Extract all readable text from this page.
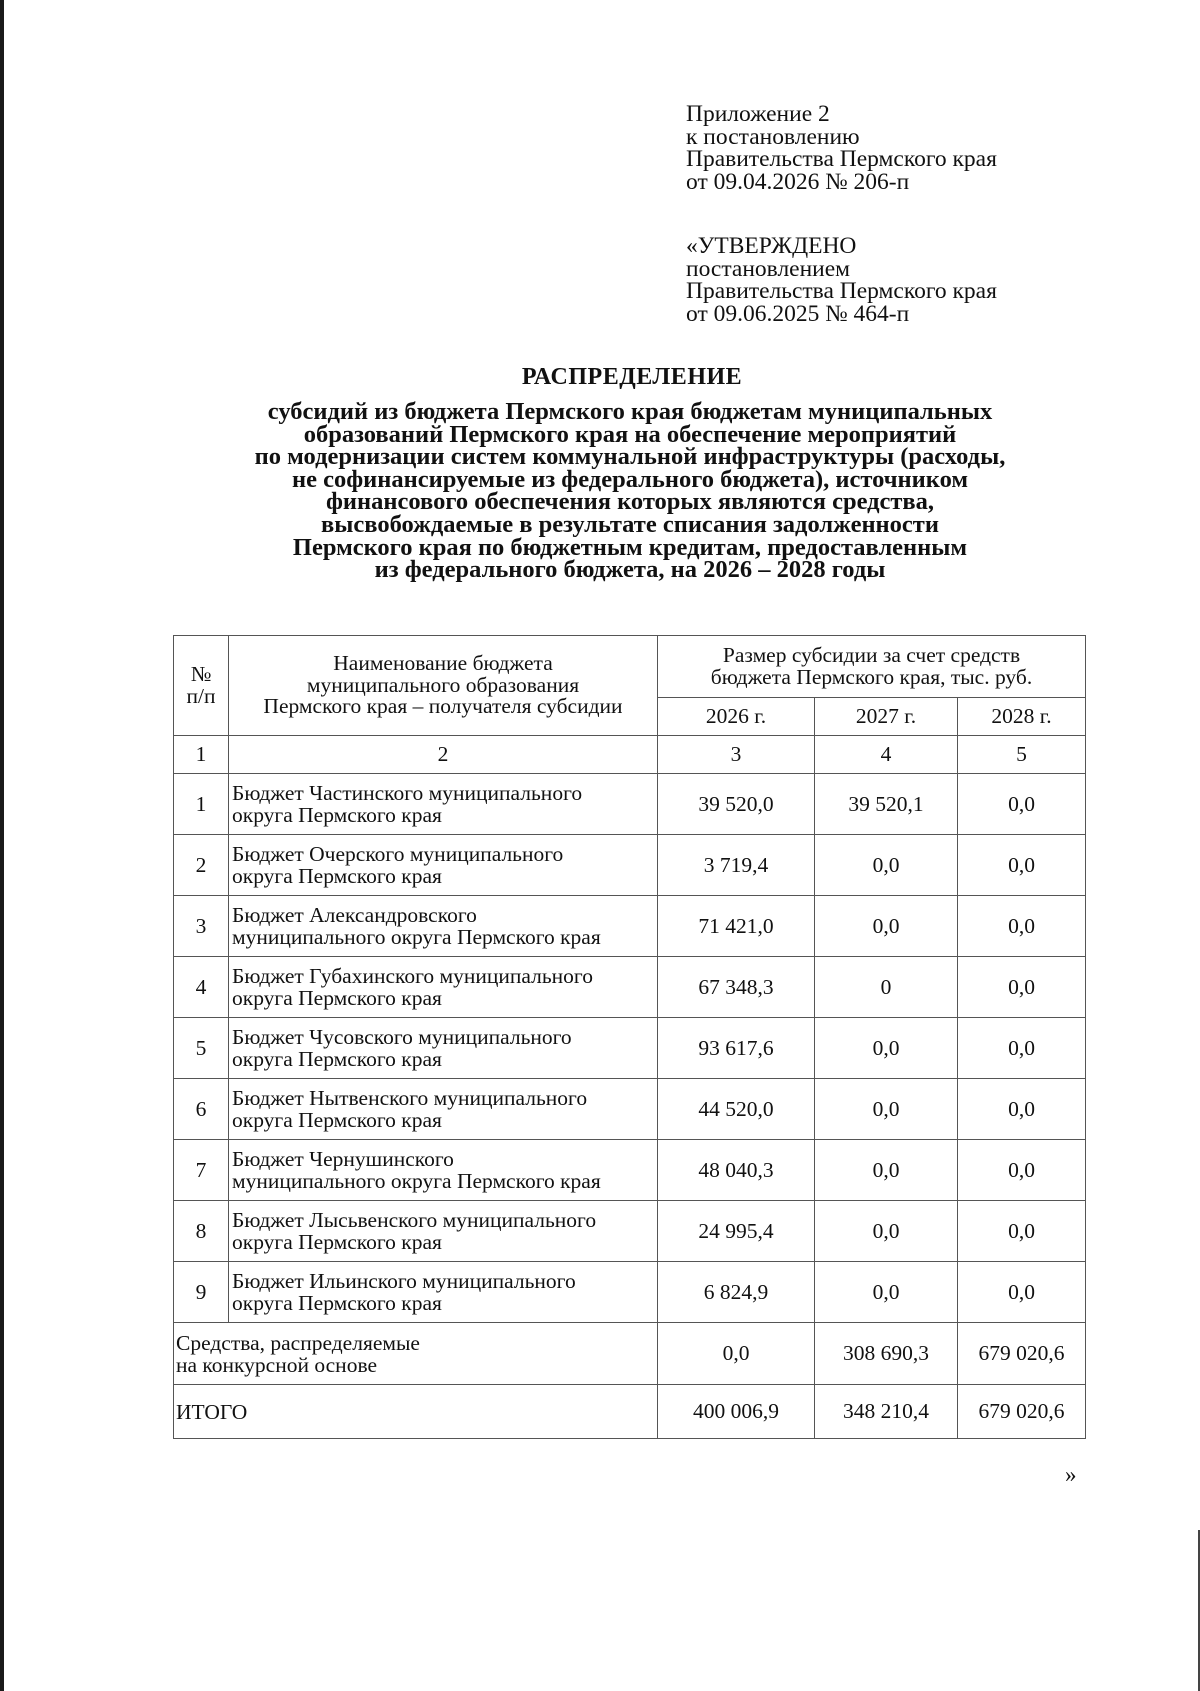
Приложение 2
к постановлению
Правительства Пермского края
от 09.04.2026 № 206-п
«УТВЕРЖДЕНО
постановлением
Правительства Пермского края
от 09.06.2025 № 464-п
РАСПРЕДЕЛЕНИЕ
субсидий из бюджета Пермского края бюджетам муниципальных
образований Пермского края на обеспечение мероприятий
по модернизации систем коммунальной инфраструктуры (расходы,
не софинансируемые из федерального бюджета), источником
финансового обеспечения которых являются средства,
высвобождаемые в результате списания задолженности
Пермского края по бюджетным кредитам, предоставленным
из федерального бюджета, на 2026 – 2028 годы
№
п/п

Наименование бюджета
муниципального образования
Пермского края – получателя субсидии

Размер субсидии за счет средств
бюджета Пермского края, тыс. руб.

		2026 г.	2027 г.	2028 г.
1	2	3	4	5
1	Бюджет Частинского муниципального
округа Пермского края	39 520,0	39 520,1	0,0
2	Бюджет Очерского муниципального
округа Пермского края	3 719,4	0,0	0,0
3	Бюджет Александровского
муниципального округа Пермского края	71 421,0	0,0	0,0
4	Бюджет Губахинского муниципального
округа Пермского края	67 348,3	0	0,0
5	Бюджет Чусовского муниципального
округа Пермского края	93 617,6	0,0	0,0
6	Бюджет Нытвенского муниципального
округа Пермского края	44 520,0	0,0	0,0
7	Бюджет Чернушинского
муниципального округа Пермского края	48 040,3	0,0	0,0
8	Бюджет Лысьвенского муниципального
округа Пермского края	24 995,4	0,0	0,0
9	Бюджет Ильинского муниципального
округа Пермского края	6 824,9	0,0	0,0

Средства, распределяемые
на конкурсной основе		0,0	308 690,3	679 020,6
ИТОГО		400 006,9	348 210,4	679 020,6
»
